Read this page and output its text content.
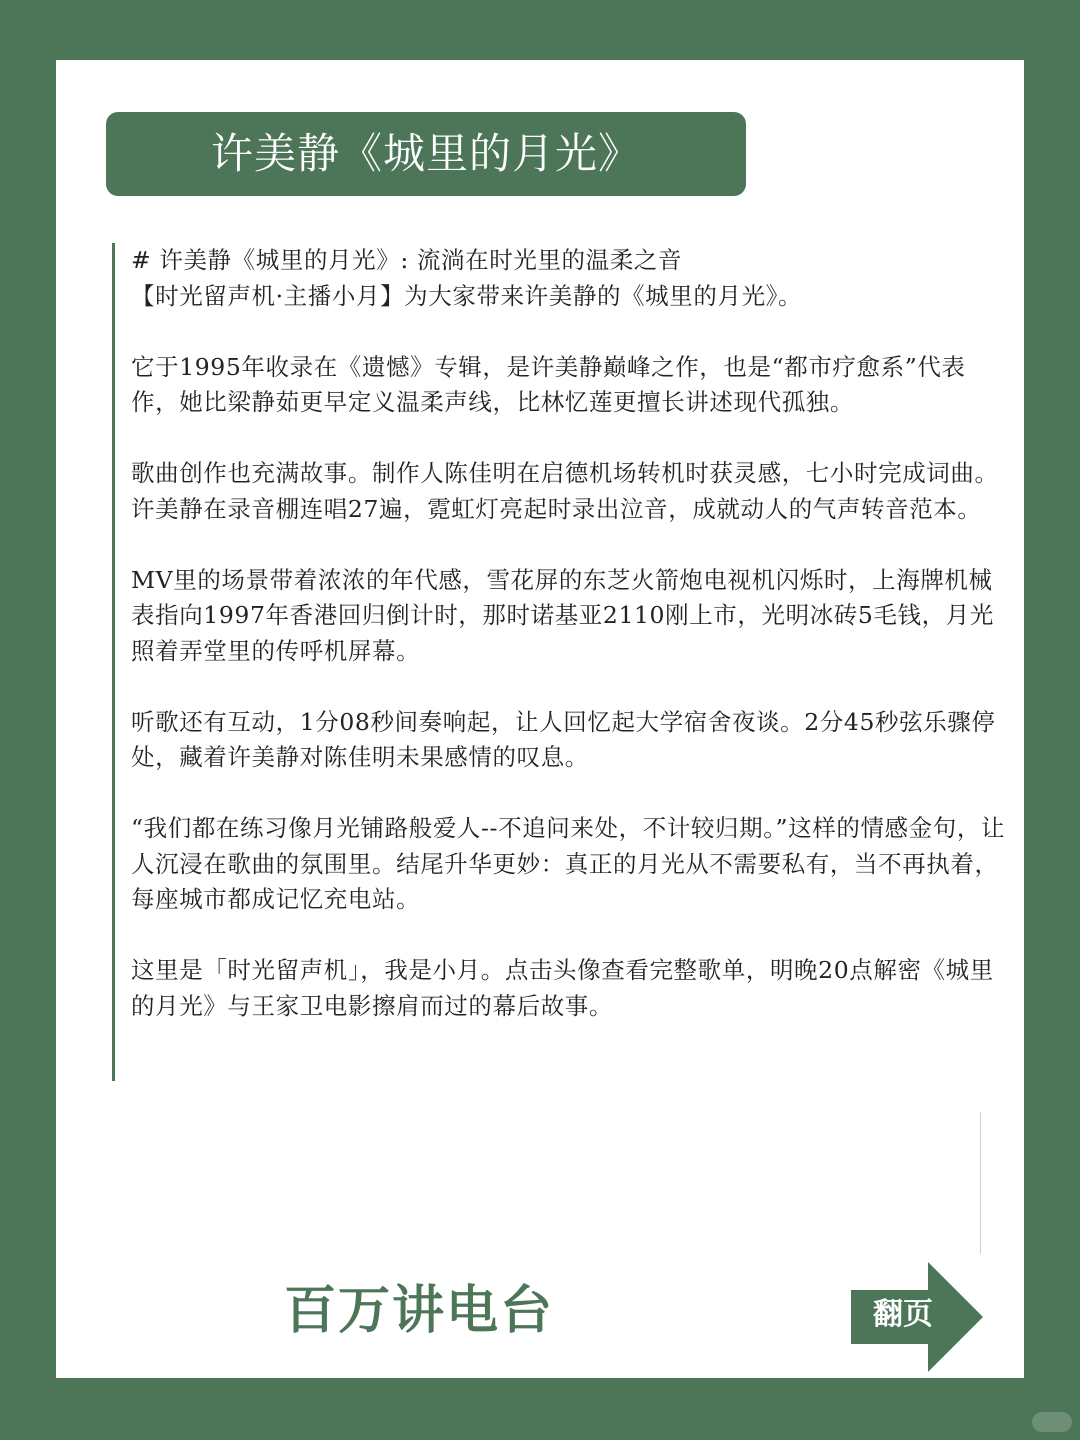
许美静《城里的月光》

# 许美静《城里的月光》: 流淌在时光里的温柔之音

【时光留声机·主播小月】为大家带来许美静的《城里的月光》。

它于1995年收录在《遗憾》专辑，是许美静巅峰之作，也是“都市疗愈系”代表作，她比梁静茹更早定义温柔声线，比林忆莲更擅长讲述现代孤独。

歌曲创作也充满故事。制作人陈佳明在启德机场转机时获灵感，七小时完成词曲。许美静在录音棚连唱27遍，霓虹灯亮起时录出泣音，成就动人的气声转音范本。

MV里的场景带着浓浓的年代感，雪花屏的东芝火箭炮电视机闪烁时，上海牌机械表指向1997年香港回归倒计时，那时诺基亚2110刚上市，光明冰砖5毛钱，月光照着弄堂里的传呼机屏幕。

听歌还有互动，1分08秒间奏响起，让人回忆起大学宿舍夜谈。2分45秒弦乐骤停处，藏着许美静对陈佳明未果感情的叹息。

“我们都在练习像月光铺路般爱人--不追问来处，不计较归期。”这样的情感金句，让人沉浸在歌曲的氛围里。结尾升华更妙：真正的月光从不需要私有，当不再执着，每座城市都成记忆充电站。

这里是「时光留声机」，我是小月。点击头像查看完整歌单，明晚20点解密《城里的月光》与王家卫电影擦肩而过的幕后故事。

百万讲电台	翻页
